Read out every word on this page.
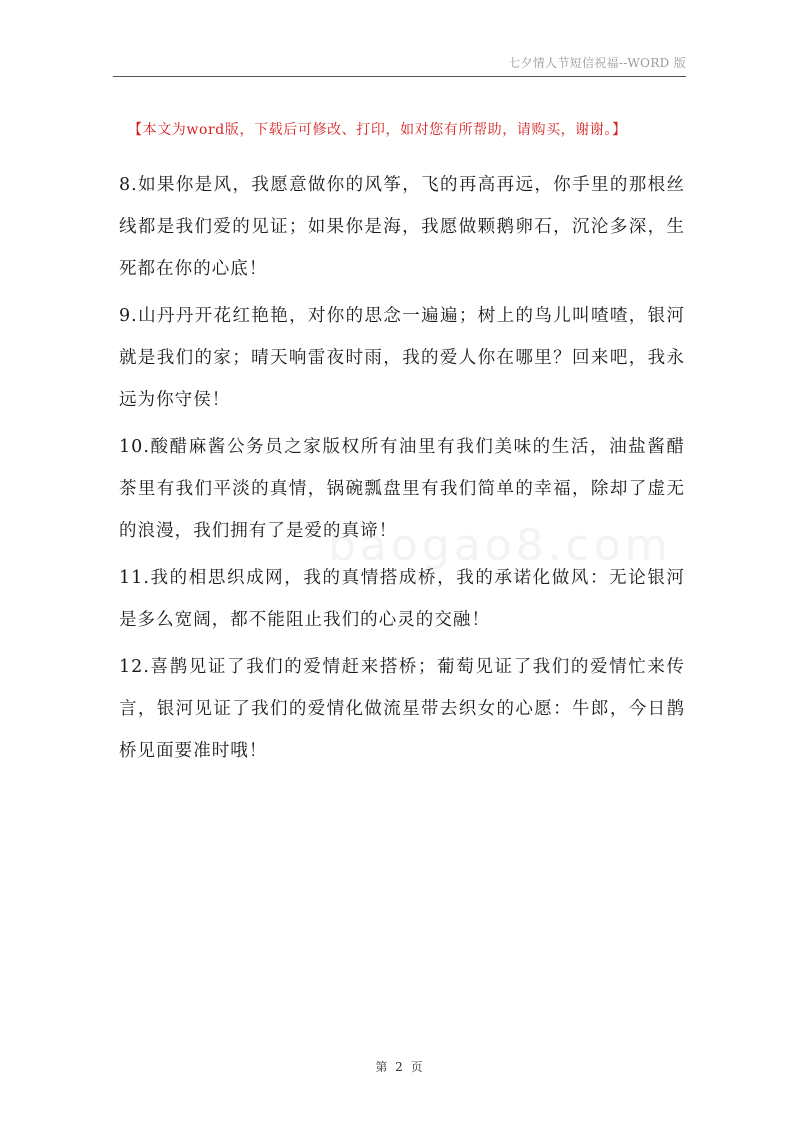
七夕情人节短信祝福--WORD 版
【本文为word版，下载后可修改、打印，如对您有所帮助，请购买，谢谢。】
baogao8.com

8.如果你是风，我愿意做你的风筝，飞的再高再远，你手里的那根丝线都是我们爱的见证；如果你是海，我愿做颗鹅卵石，沉沦多深，生死都在你的心底！

9.山丹丹开花红艳艳，对你的思念一遍遍；树上的鸟儿叫喳喳，银河就是我们的家；晴天响雷夜时雨，我的爱人你在哪里？回来吧，我永远为你守侯！

10.酸醋麻酱公务员之家版权所有油里有我们美味的生活，油盐酱醋茶里有我们平淡的真情，锅碗瓢盘里有我们简单的幸福，除却了虚无的浪漫，我们拥有了是爱的真谛！

11.我的相思织成网，我的真情搭成桥，我的承诺化做风：无论银河是多么宽阔，都不能阻止我们的心灵的交融！

12.喜鹊见证了我们的爱情赶来搭桥；葡萄见证了我们的爱情忙来传言，银河见证了我们的爱情化做流星带去织女的心愿：牛郎，今日鹊桥见面要准时哦！

第 2 页
